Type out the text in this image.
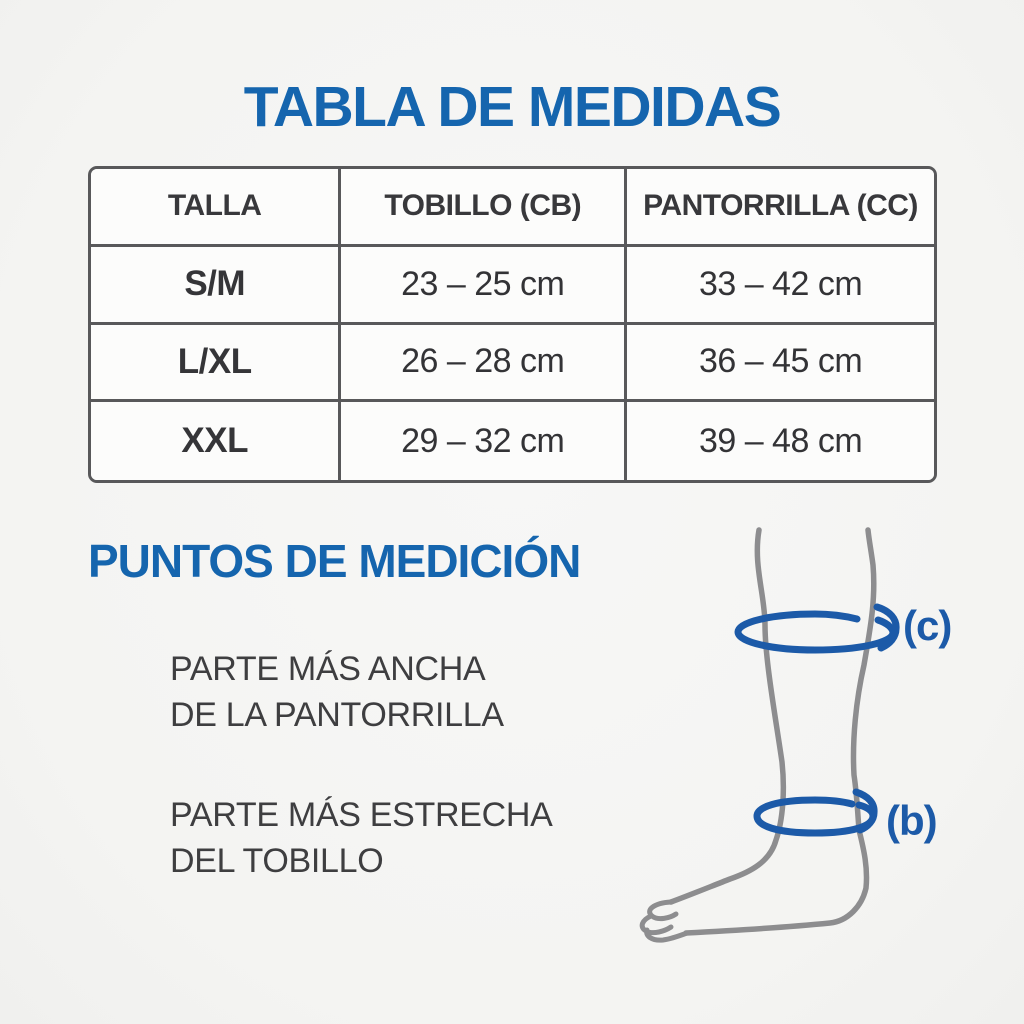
TABLA DE MEDIDAS
TALLA	TOBILLO (CB)	PANTORRILLA (CC)
S/M	23 – 25 cm	33 – 42 cm
L/XL	26 – 28 cm	36 – 45 cm
XXL	29 – 32 cm	39 – 48 cm
PUNTOS DE MEDICIÓN
PARTE MÁS ANCHA
DE LA PANTORRILLA
PARTE MÁS ESTRECHA
DEL TOBILLO
(c)
(b)
